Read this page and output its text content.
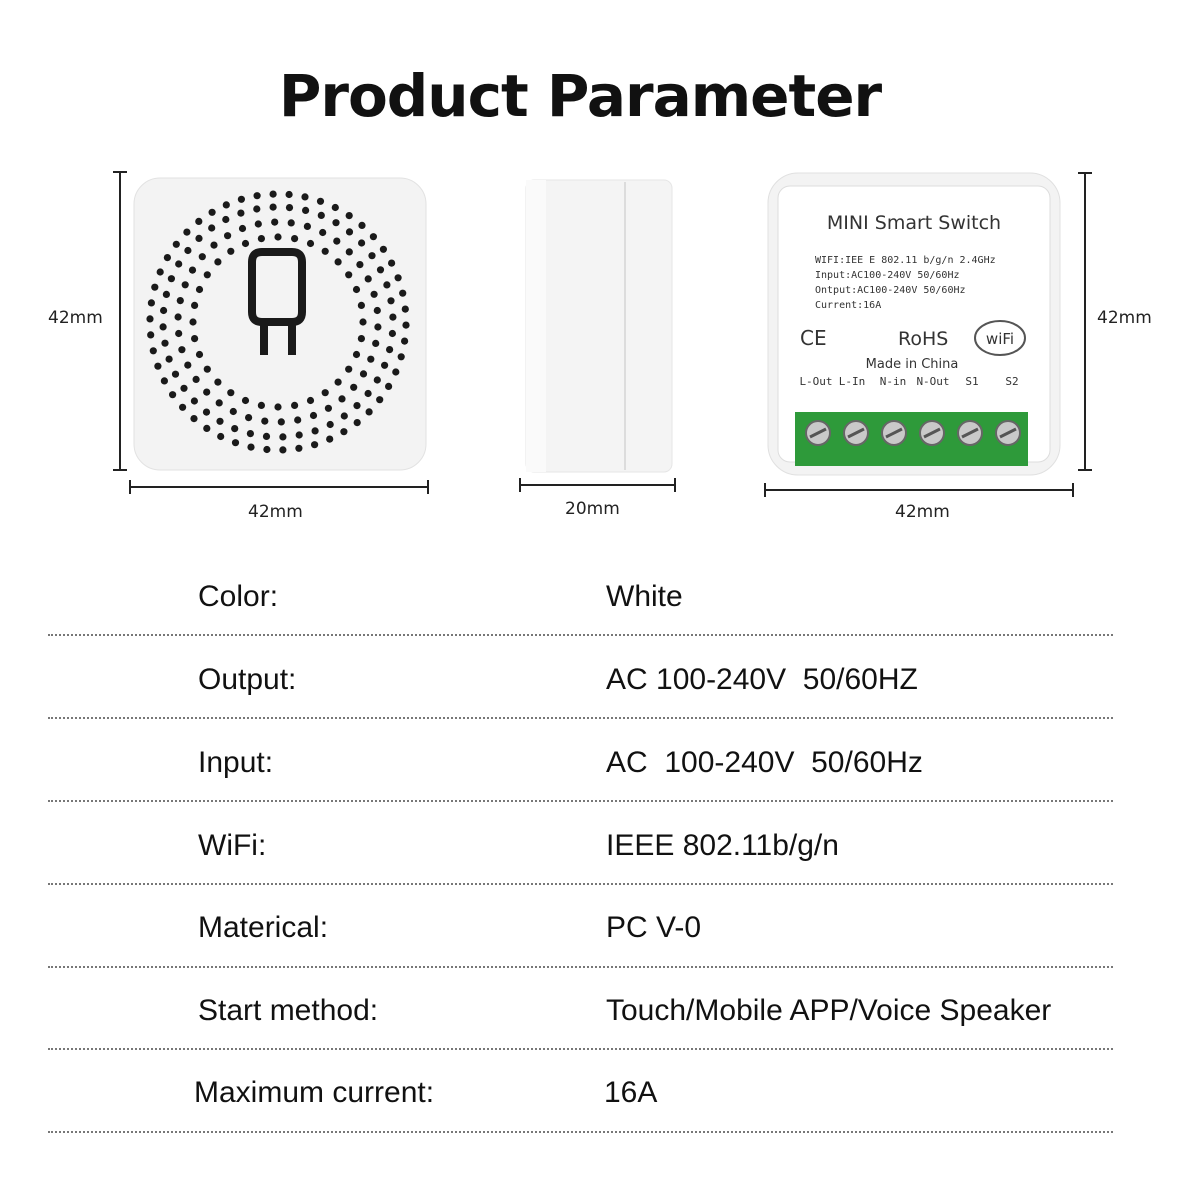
Product Parameter
MINI Smart Switch
WIFI:IEE E 802.11 b/g/n 2.4GHz
Input:AC100-240V 50/60Hz
Ontput:AC100-240V 50/60Hz
Current:16A
CE	RoHS	wiFi
Made in China
L-Out L-In N-in N-Out S1 S2
42mm
42mm	20mm	42mm
42mm
Color:	White
Output:	AC 100-240V  50/60HZ
Input:	AC  100-240V  50/60Hz
WiFi:	IEEE 802.11b/g/n
Materical:	PC V-0
Start method:	Touch/Mobile APP/Voice Speaker
Maximum current:	16A
